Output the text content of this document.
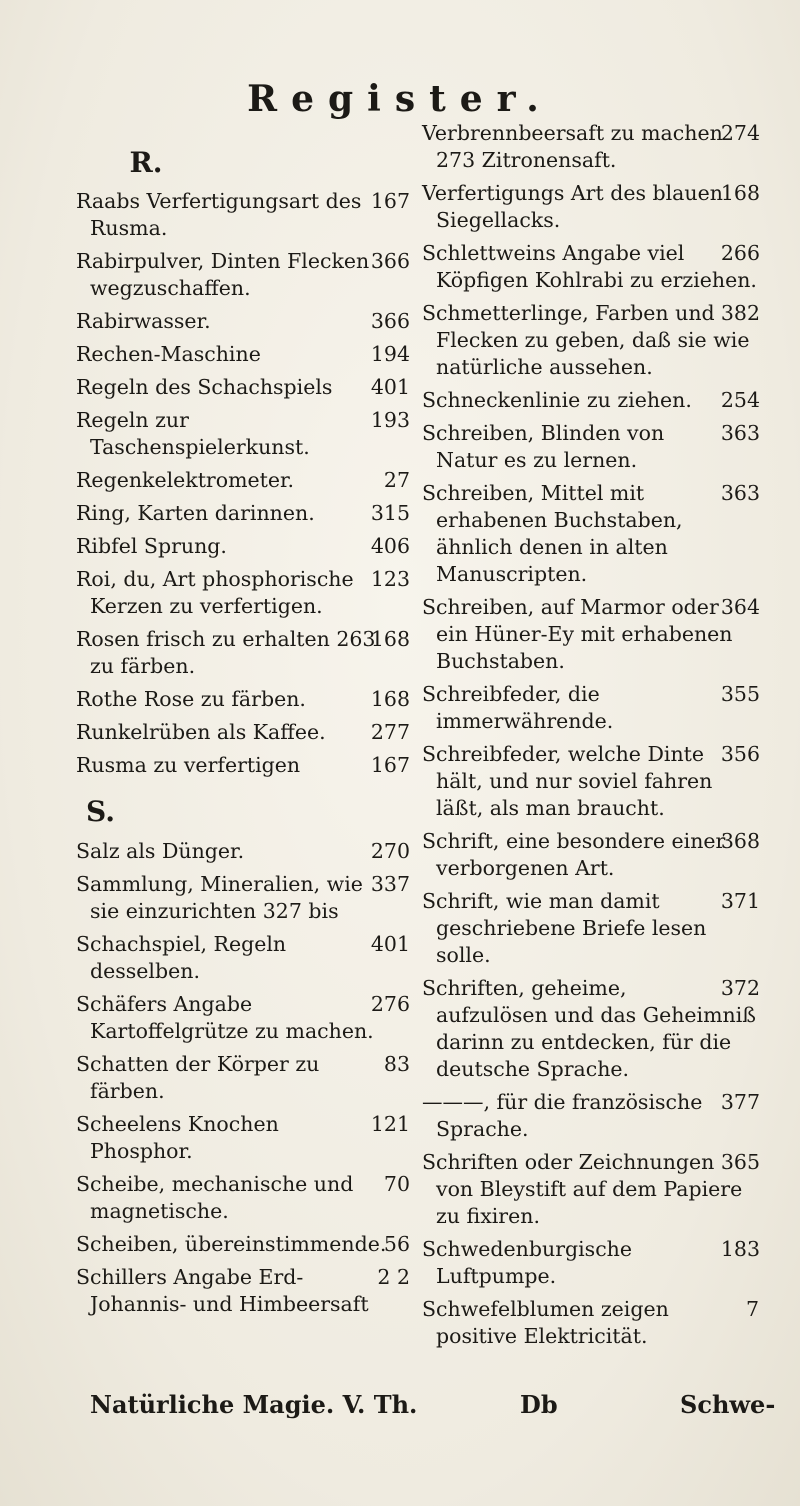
Register.
R.
167
Raabs Verfertigungsart des Rusma.
366
Rabirpulver, Dinten Flecken wegzuschaffen.
366
Rabirwasser.
194
Rechen-Maschine
401
Regeln des Schachspiels
193
Regeln zur Taschenspielerkunst.
27
Regenkelektrometer.
315
Ring, Karten darinnen.
406
Ribfel Sprung.
123
Roi, du, Art phosphorische Kerzen zu verfertigen.
168
Rosen frisch zu erhalten 263 zu färben.
168
Rothe Rose zu färben.
277
Runkelrüben als Kaffee.
167
Rusma zu verfertigen
S.
270
Salz als Dünger.
337
Sammlung, Mineralien, wie sie einzurichten 327 bis
401
Schachspiel, Regeln desselben.
276
Schäfers Angabe Kartoffelgrütze zu machen.
83
Schatten der Körper zu färben.
121
Scheelens Knochen Phosphor.
70
Scheibe, mechanische und magnetische.
56
Scheiben, übereinstimmende.
2 2
Schillers Angabe Erd- Johannis- und Himbeersaft
274
Verbrennbeersaft zu machen 273 Zitronensaft.
168
Verfertigungs Art des blauen Siegellacks.
266
Schlettweins Angabe viel Köpfigen Kohlrabi zu erziehen.
382
Schmetterlinge, Farben und Flecken zu geben, daß sie wie natürliche aussehen.
254
Schneckenlinie zu ziehen.
363
Schreiben, Blinden von Natur es zu lernen.
363
Schreiben, Mittel mit erhabenen Buchstaben, ähnlich denen in alten Manuscripten.
364
Schreiben, auf Marmor oder ein Hüner-Ey mit erhabenen Buchstaben.
355
Schreibfeder, die immerwährende.
356
Schreibfeder, welche Dinte hält, und nur soviel fahren läßt, als man braucht.
368
Schrift, eine besondere einer verborgenen Art.
371
Schrift, wie man damit geschriebene Briefe lesen solle.
372
Schriften, geheime, aufzulösen und das Geheimniß darinn zu entdecken, für die deutsche Sprache.
377
———, für die französische Sprache.
365
Schriften oder Zeichnungen von Bleystift auf dem Papiere zu fixiren.
183
Schwedenburgische Luftpumpe.
7
Schwefelblumen zeigen positive Elektricität.
Natürliche Magie. V. Th.	Db	Schwe-
